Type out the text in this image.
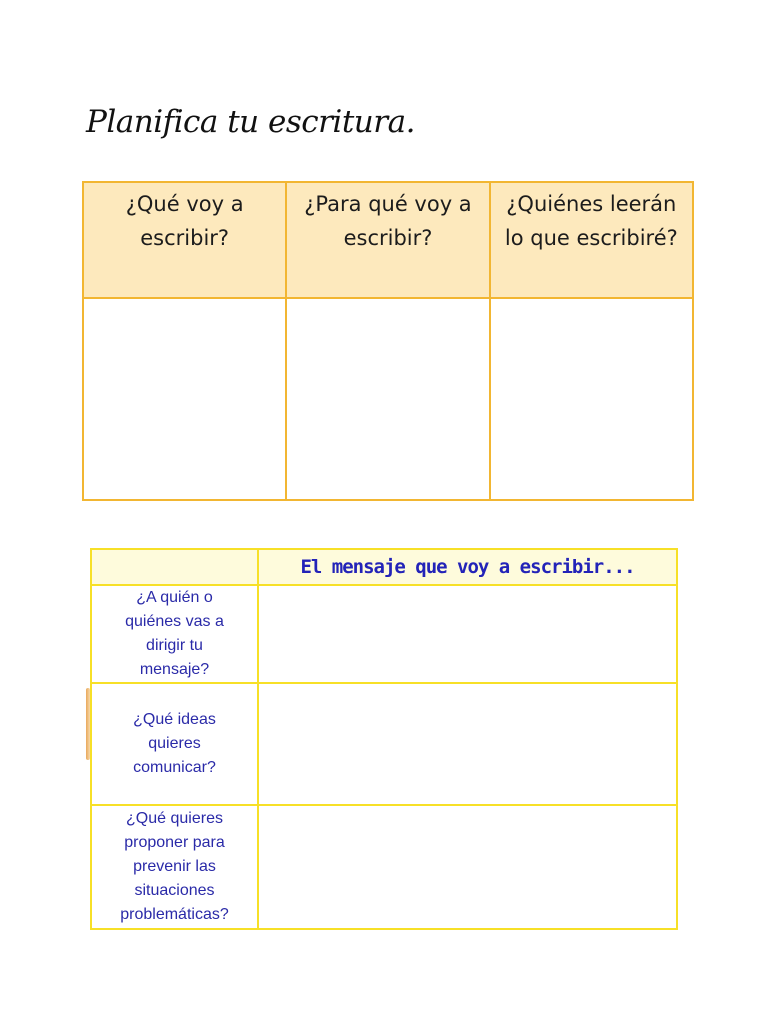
Planifica tu escritura.
¿Qué voy a escribir?	¿Para qué voy a escribir?	¿Quiénes leerán lo que escribiré?

	El mensaje que voy a escribir...
¿A quién o quiénes vas a dirigir tu mensaje?	
¿Qué ideas quieres comunicar?	
¿Qué quieres proponer para prevenir las situaciones problemáticas?	
